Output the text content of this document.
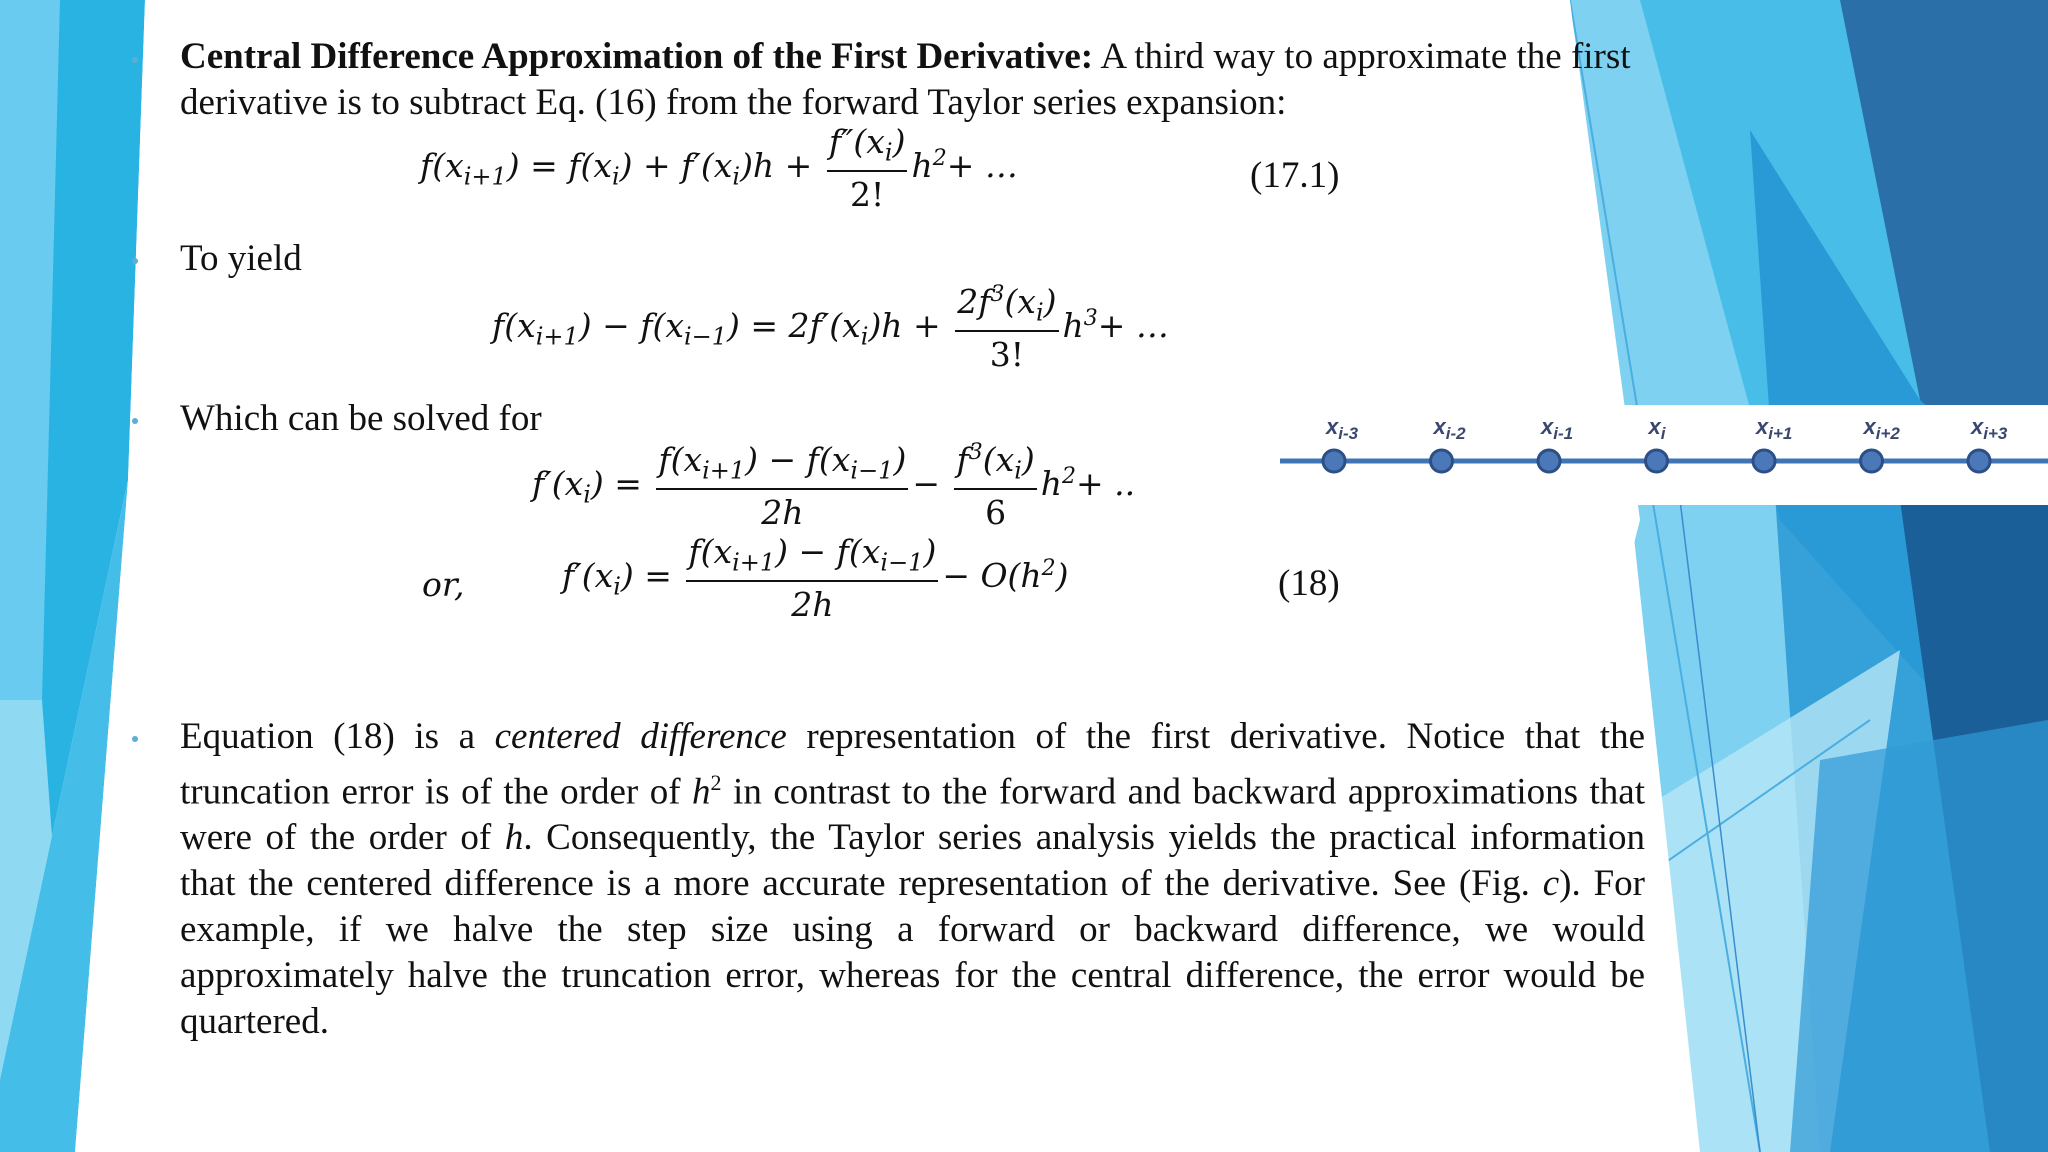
Central Difference Approximation of the First Derivative: A third way to approximate the first derivative is to subtract Eq. (16) from the forward Taylor series expansion:
$f(x_{i+1}) = f(x_i) + f'(x_i)h + \frac{f''(x_i)}{2!} h^2+$ …	(17.1)
To yield
$f(x_{i+1}) - f(x_{i-1}) = 2f'(x_i)h + \frac{2f^3(x_i)}{3!} h^3+$ …
Which can be solved for
$f'(x_i) = \frac{f(x_{i+1}) - f(x_{i-1})}{2h} - \frac{f^3(x_i)}{6} h^2+$ ..
or,	$f'(x_i) = \frac{f(x_{i+1}) - f(x_{i-1})}{2h} - O(h^2)$	(18)
Equation (18) is a centered difference representation of the first derivative. Notice that the truncation error is of the order of $h^2$ in contrast to the forward and backward approximations that were of the order of h. Consequently, the Taylor series analysis yields the practical information that the centered difference is a more accurate representation of the derivative. See (Fig. c). For example, if we halve the step size using a forward or backward difference, we would approximately halve the truncation error, whereas for the central difference, the error would be quartered.
$x_{i-3}$	$x_{i-2}$	$x_{i-1}$	$x_i$	$x_{i+1}$	$x_{i+2}$	$x_{i+3}$
